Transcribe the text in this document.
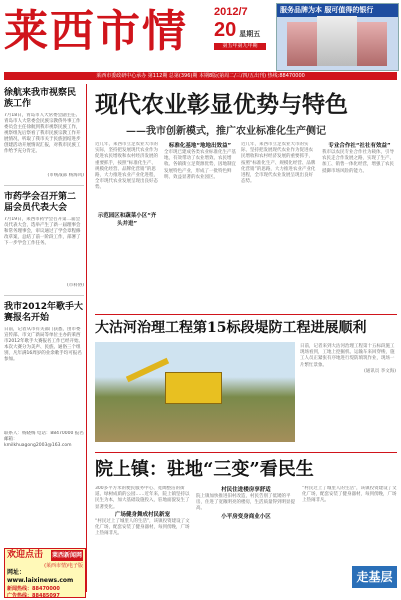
莱西市情	2012/7
20 星期五
第五年第九年期
服务品牌为本 服可值得的银行
莱西市委政研中心承办 第112期 总第(396)期 本期8版(第周二/三/四/五出刊) 热线:88470000
徐航来我市视察民族工作
7月18日，青岛市人大常委会副主任、青岛市人大常委会民族宗教侨外事工作委员会主任徐航到我市视察民族工作，视察组先后察看了我市民族宗教工作开展情况，听取了我市关于民族团结进步创建活动开展情况汇报，对我市民族工作给予充分肯定。
(市统战部 杨海风)
市药学会召开第二届会员代表大会
7月19日，莱西市药学会召开第二届会员代表大会，选举产生了新一届理事会和常务理事会，审议通过了学会章程修改草案，总结了前一阶段工作，部署了下一步学会工作任务。
(市科协)
我市2012年歌手大赛报名开始
日前，记者从市有关部门获悉，由市委宣传部、市文广新局等单位主办的莱西市2012年歌手大赛报名工作已经开始。本次大赛分为美声、民族、通俗三个组别，凡年满16周岁的业余歌手均可报名参加。
联系人：杨晓梅 电话：88470000 报名邮箱：kmilkhuagong2003@163.com
现代农业彰显优势与特色
——我市创新模式，推广农业标准化生产侧记
近几年，莱西市立足农业大市的实际，坚持把发展现代农业作为促进农民增收和农村经济发展的重要抓手，按照“标准化生产、规模化经营、品牌化营销”的思路，大力推进农业产业化进程，全市现代农业发展呈现出良好态势。
示范园区和蔬菜小区“齐头并进”
标准化基地“地地出效益”
全市现已建成各类农业标准化生产基地，有效带动了农业增效、农民增收。各镇街立足资源优势，因地制宜发展特色产业，形成了一批特色鲜明、效益显著的农业园区。
近几年，莱西市立足农业大市的实际，坚持把发展现代农业作为促进农民增收和农村经济发展的重要抓手，按照“标准化生产、规模化经营、品牌化营销”的思路，大力推进农业产业化进程，全市现代农业发展呈现出良好态势。
专业合作社“社社有效益”
我市以农民专业合作社为载体，引导农民走合作发展之路，实现了生产、加工、销售一体化经营，增强了农民抵御市场风险的能力。
大沽河治理工程第15标段堤防工程进展顺利
日前，记者来到大沽河治理工程第十五标段施工现场看到，工地上挖掘机、运输车来回穿梭，施工人员正紧张有序地进行堤防填筑作业，现场一片繁忙景象。
(通讯员 李文海)
院上镇：驻地“三变”看民生
300多平方米的便民服务中心、宽阔整洁的街道、绿树成荫的公园……近年来，院上镇坚持以民生为本，加大基础设施投入，驻地面貌发生了显著变化。
广场健身舞成村民新宠
“村民过上了城里人的生活”，该镇投资建设了文化广场，配套安装了健身器材，每到傍晚，广场上热闹非凡。
村民住进楼房享舒适
院上镇加快推进旧村改造，村民告别了低矮的平房，住进了宽敞明亮的楼房，生活质量得到明显提高。
小平房变身商业小区
“村民过上了城里人的生活”，该镇投资建设了文化广场，配套安装了健身器材，每到傍晚，广场上热闹非凡。
走基层
欢迎点击 莱西新闻网
(莱西市情)电子版
网址：www.laixinews.com
新闻热线：88470000
广告热线：88485097
